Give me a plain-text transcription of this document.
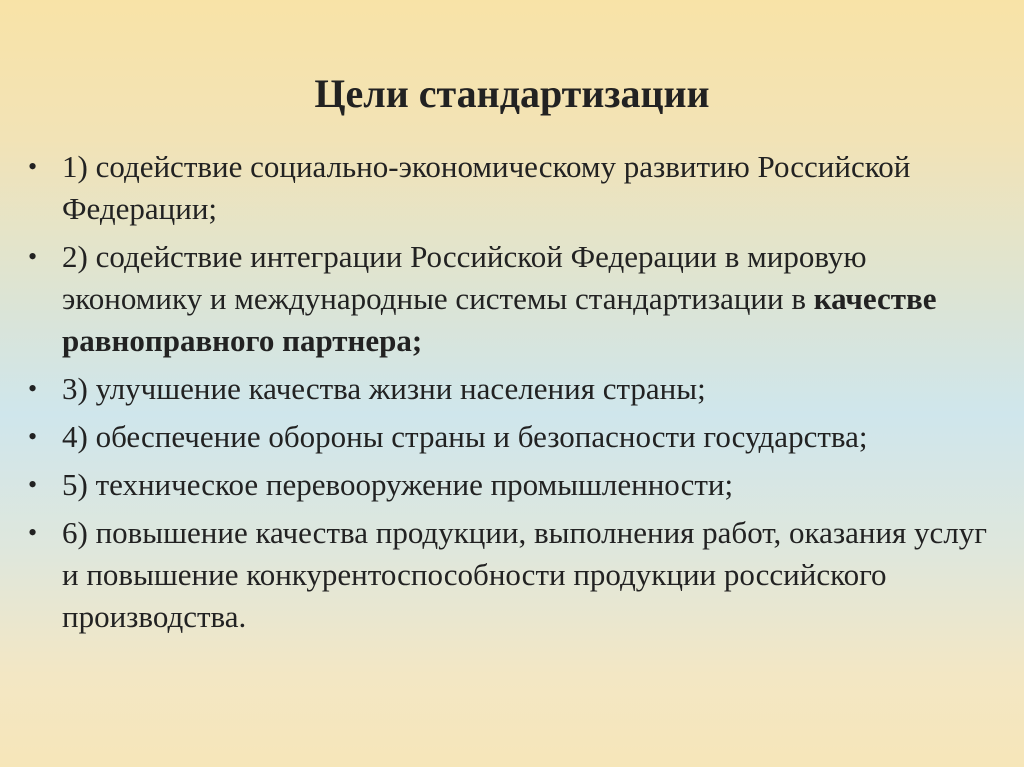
Цели стандартизации
• 1) содействие социально-экономическому развитию Российской Федерации;
• 2) содействие интеграции Российской Федерации в мировую экономику и международные системы стандартизации в качестве равноправного партнера;
• 3) улучшение качества жизни населения страны;
• 4) обеспечение обороны страны и безопасности государства;
• 5) техническое перевооружение промышленности;
• 6) повышение качества продукции, выполнения работ, оказания услуг и повышение конкурентоспособности продукции российского производства.
